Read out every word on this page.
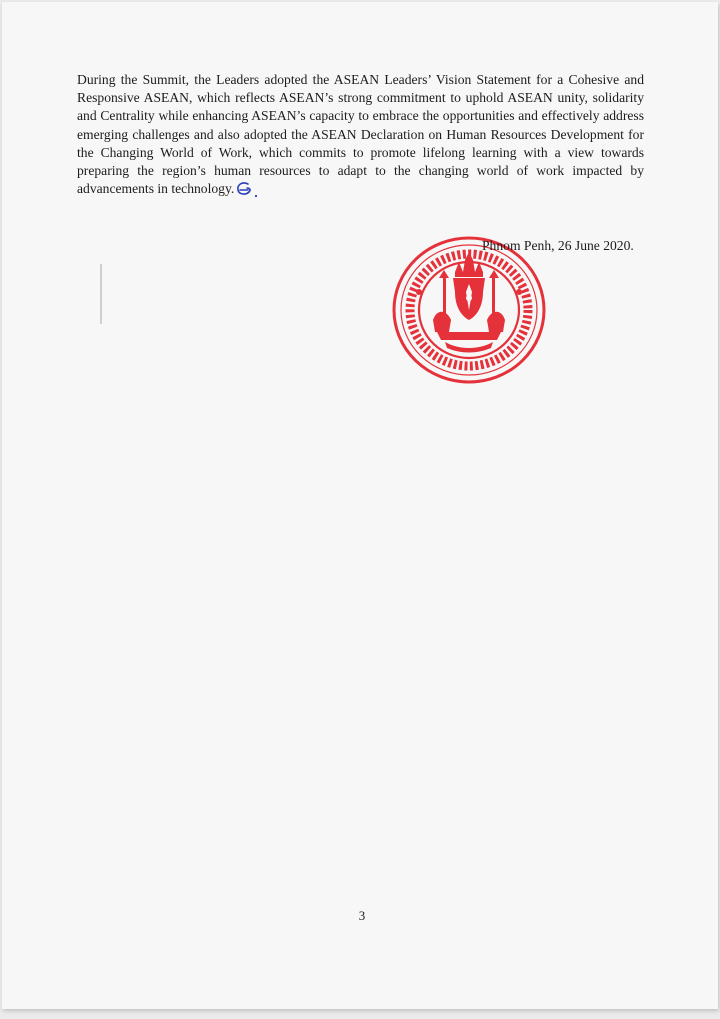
During the Summit, the Leaders adopted the ASEAN Leaders’ Vision Statement for a Cohesive and Responsive ASEAN, which reflects ASEAN’s strong commitment to uphold ASEAN unity, solidarity and Centrality while enhancing ASEAN’s capacity to embrace the opportunities and effectively address emerging challenges and also adopted the ASEAN Declaration on Human Resources Development for the Changing World of Work, which commits to promote lifelong learning with a view towards preparing the region’s human resources to adapt to the changing world of work impacted by advancements in technology.

Phnom Penh, 26 June 2020.
3
